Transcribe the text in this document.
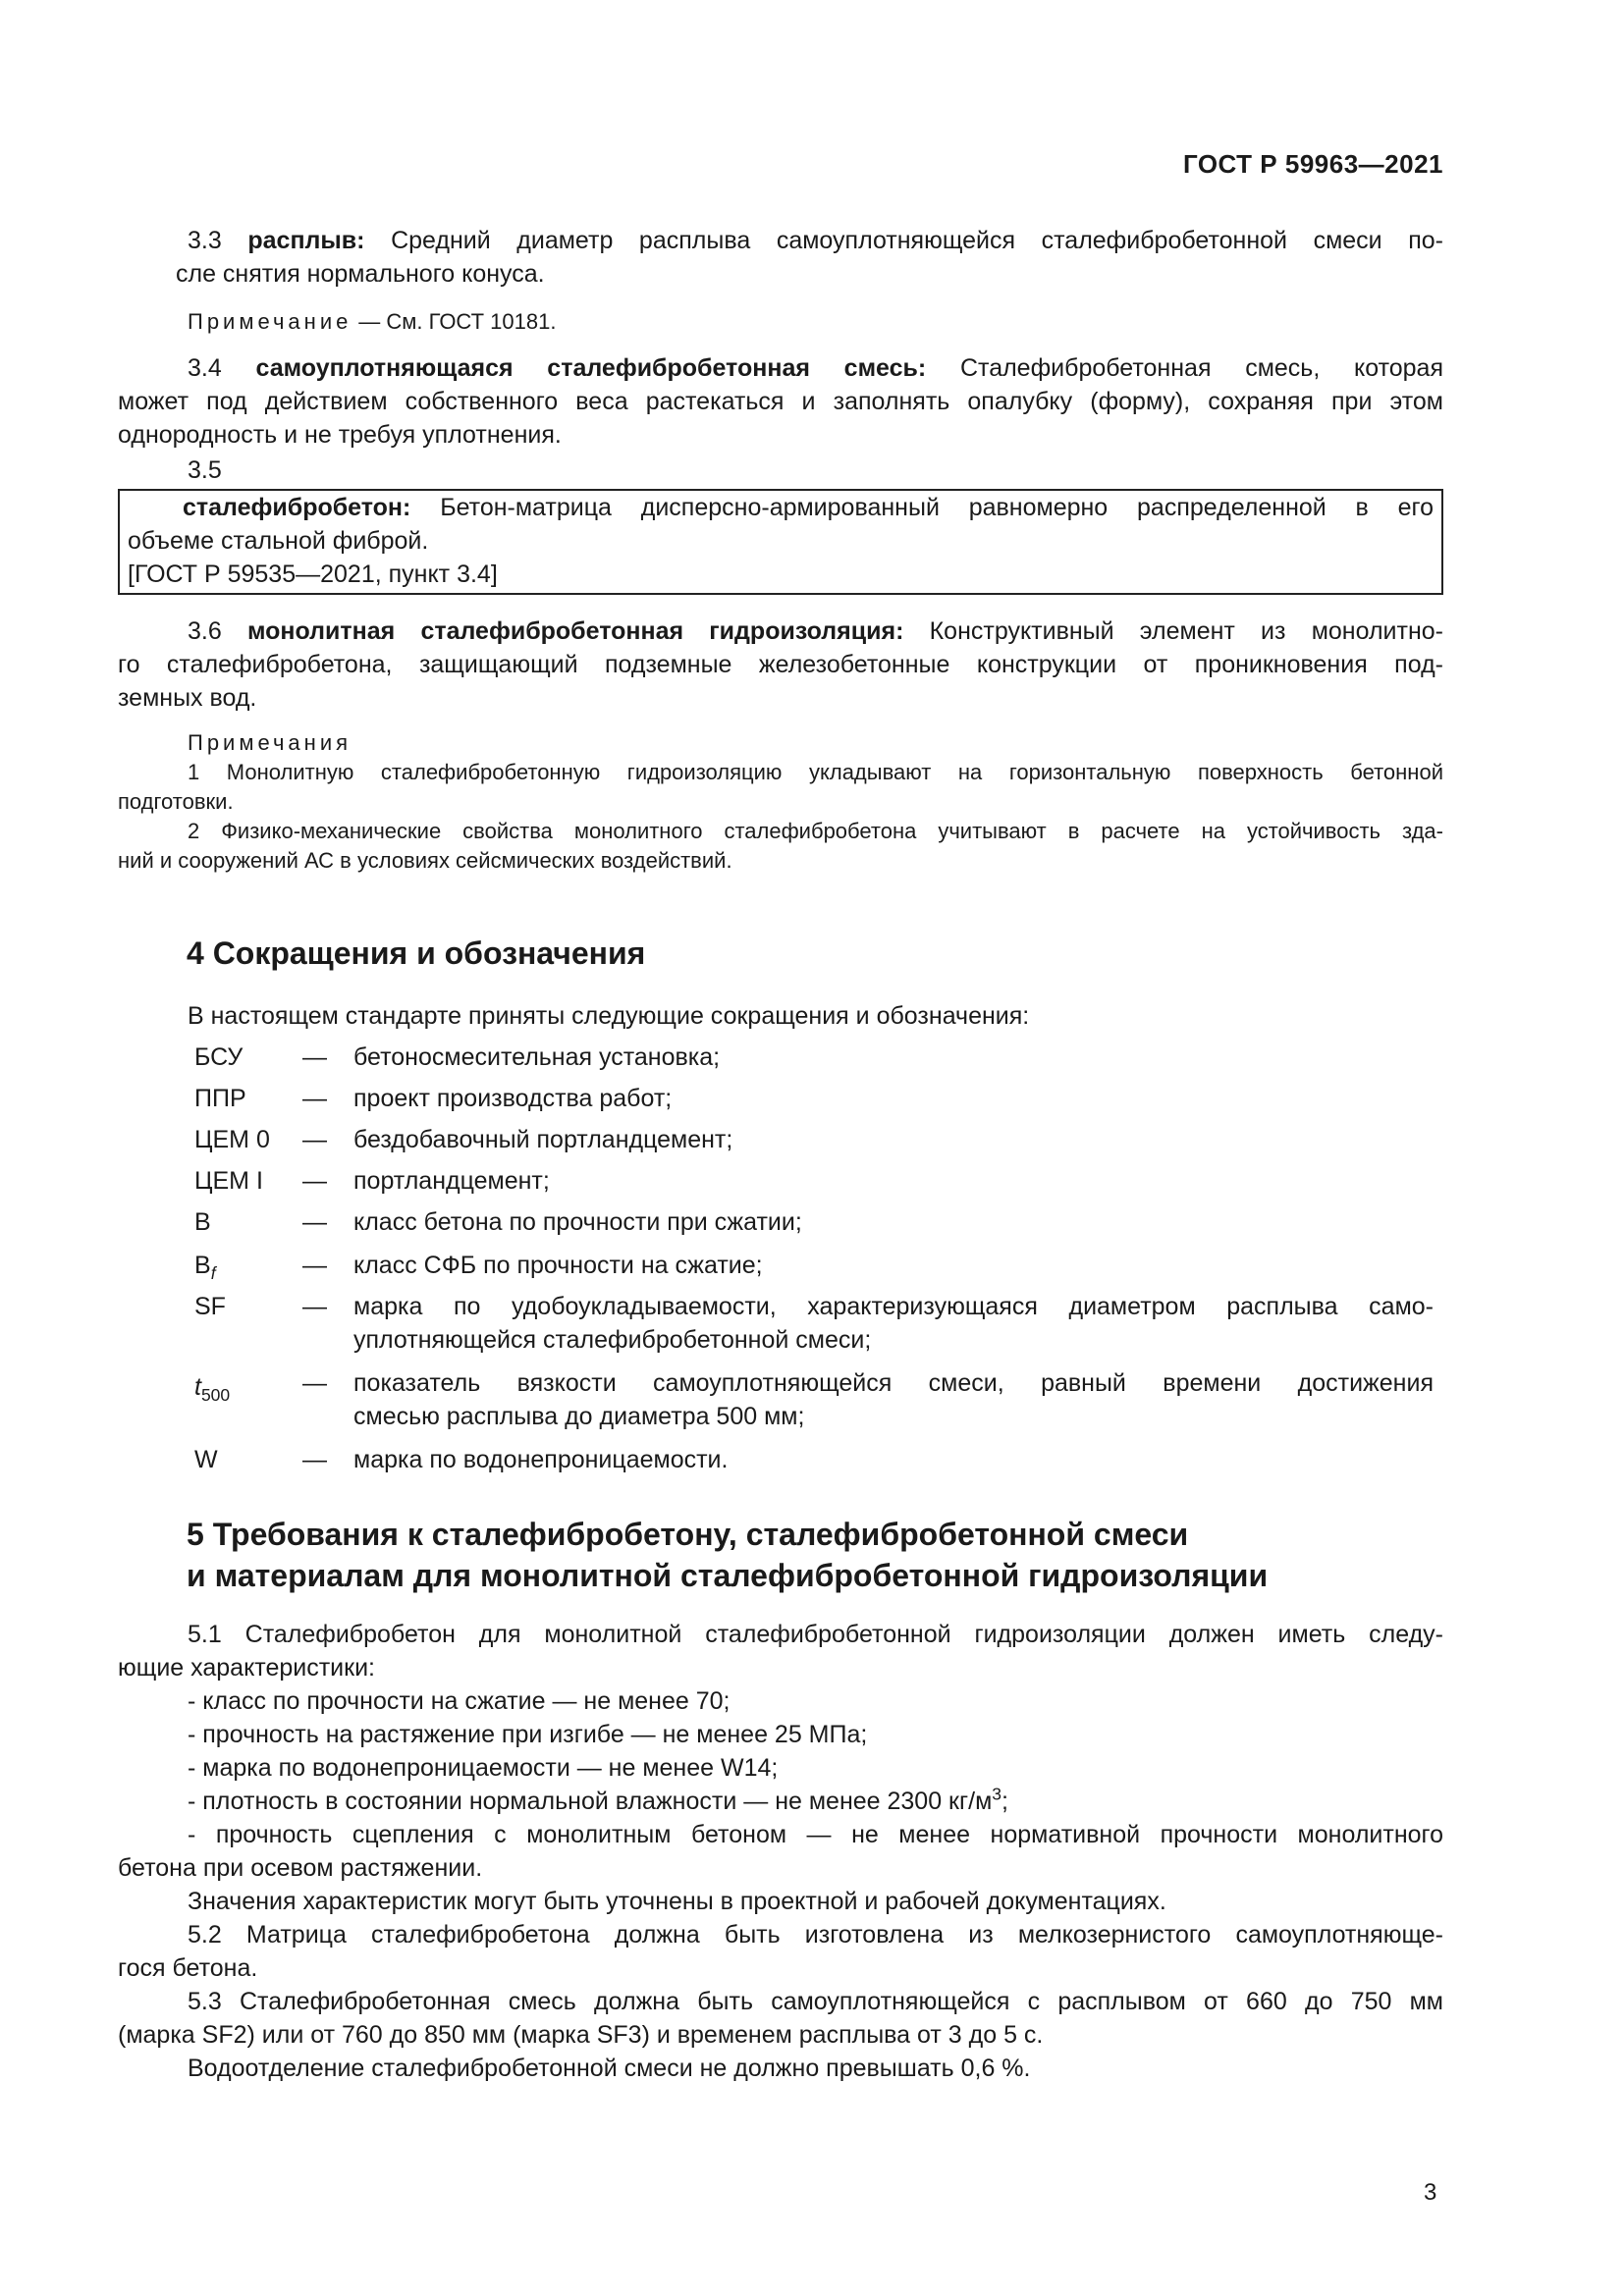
ГОСТ Р 59963—2021
3.3 расплыв: Средний диаметр расплыва самоуплотняющейся сталефибробетонной смеси по-
сле снятия нормального конуса.
Примечание — См. ГОСТ 10181.
3.4 самоуплотняющаяся сталефибробетонная смесь: Сталефибробетонная смесь, которая
может под действием собственного веса растекаться и заполнять опалубку (форму), сохраняя при этом
однородность и не требуя уплотнения.
3.5
сталефибробетон: Бетон-матрица дисперсно-армированный равномерно распределенной в его
объеме стальной фиброй.
[ГОСТ Р 59535—2021, пункт 3.4]
3.6 монолитная сталефибробетонная гидроизоляция: Конструктивный элемент из монолитно-
го сталефибробетона, защищающий подземные железобетонные конструкции от проникновения под-
земных вод.
Примечания
1 Монолитную сталефибробетонную гидроизоляцию укладывают на горизонтальную поверхность бетонной
подготовки.
2 Физико-механические свойства монолитного сталефибробетона учитывают в расчете на устойчивость зда-
ний и сооружений АС в условиях сейсмических воздействий.
4 Сокращения и обозначения
В настоящем стандарте приняты следующие сокращения и обозначения:
БСУ	— бетоносмесительная установка;
ППР	— проект производства работ;
ЦЕМ 0	— бездобавочный портландцемент;
ЦЕМ I	— портландцемент;
B	— класс бетона по прочности при сжатии;
$B_f$	— класс СФБ по прочности на сжатие;
SF	— марка по удобоукладываемости, характеризующаяся диаметром расплыва само-
уплотняющейся сталефибробетонной смеси;
$t_{500}$	— показатель вязкости самоуплотняющейся смеси, равный времени достижения
смесью расплыва до диаметра 500 мм;
W	— марка по водонепроницаемости.
5 Требования к сталефибробетону, сталефибробетонной смеси
и материалам для монолитной сталефибробетонной гидроизоляции
5.1 Сталефибробетон для монолитной сталефибробетонной гидроизоляции должен иметь следу-
ющие характеристики:
- класс по прочности на сжатие — не менее 70;
- прочность на растяжение при изгибе — не менее 25 МПа;
- марка по водонепроницаемости — не менее W14;
- плотность в состоянии нормальной влажности — не менее 2300 $кг/м^3$;
- прочность сцепления с монолитным бетоном — не менее нормативной прочности монолитного
бетона при осевом растяжении.
Значения характеристик могут быть уточнены в проектной и рабочей документациях.
5.2 Матрица сталефибробетона должна быть изготовлена из мелкозернистого самоуплотняюще-
гося бетона.
5.3 Сталефибробетонная смесь должна быть самоуплотняющейся с расплывом от 660 до 750 мм
(марка SF2) или от 760 до 850 мм (марка SF3) и временем расплыва от 3 до 5 с.
Водоотделение сталефибробетонной смеси не должно превышать 0,6 %.
3
